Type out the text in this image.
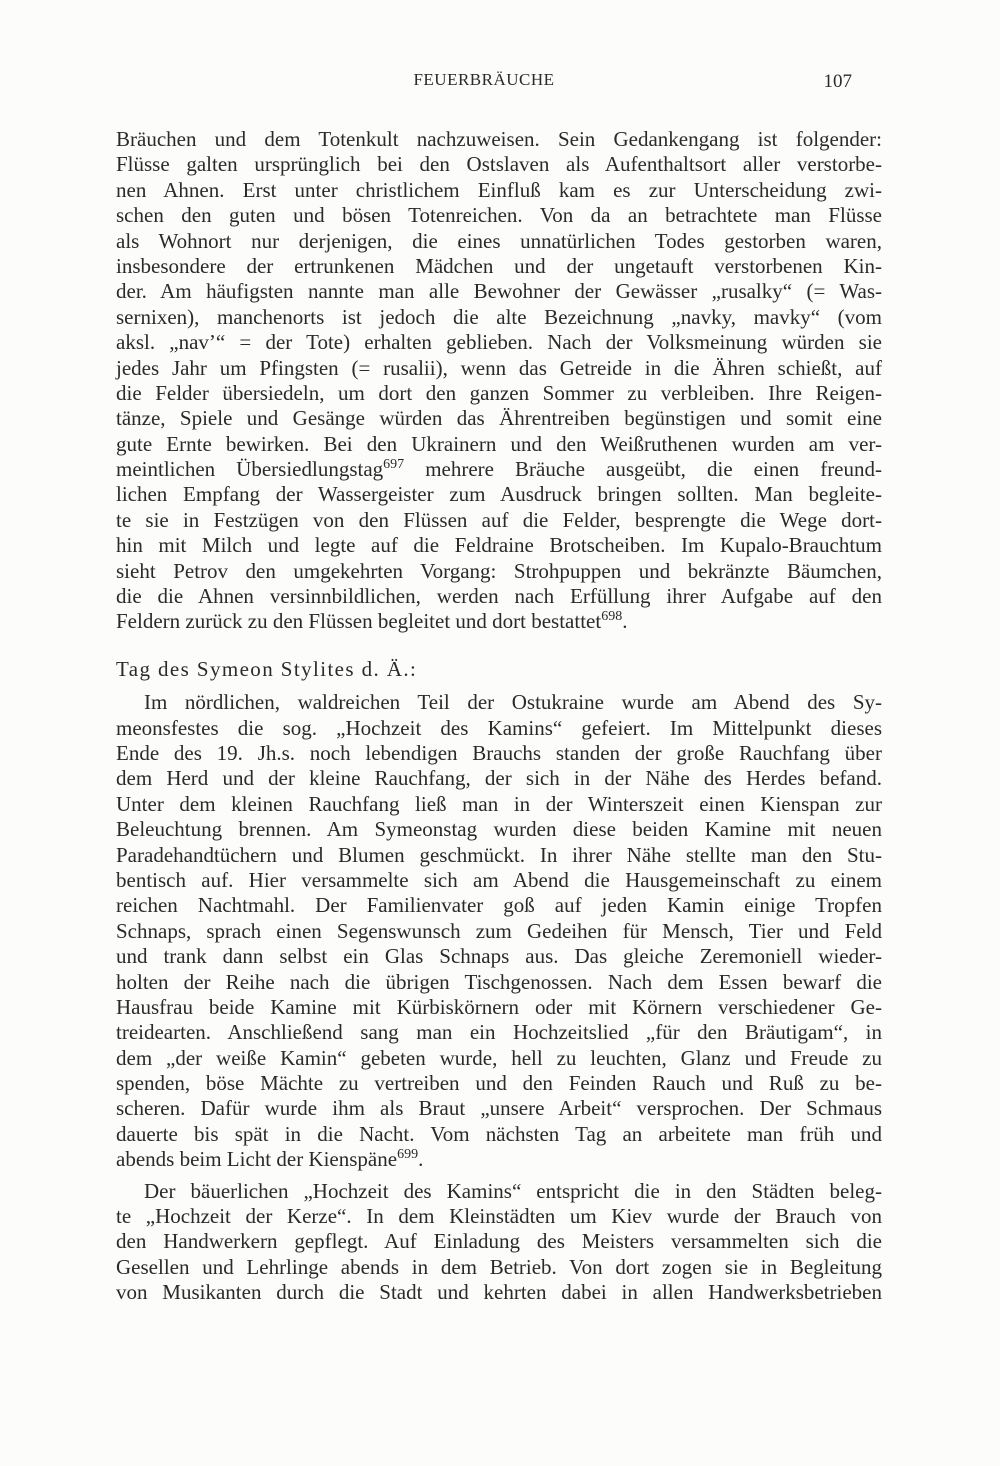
FEUERBRÄUCHE	107
Bräuchen und dem Totenkult nachzuweisen. Sein Gedankengang ist folgender:
Flüsse galten ursprünglich bei den Ostslaven als Aufenthaltsort aller verstorbe-
nen Ahnen. Erst unter christlichem Einfluß kam es zur Unterscheidung zwi-
schen den guten und bösen Totenreichen. Von da an betrachtete man Flüsse
als Wohnort nur derjenigen, die eines unnatürlichen Todes gestorben waren,
insbesondere der ertrunkenen Mädchen und der ungetauft verstorbenen Kin-
der. Am häufigsten nannte man alle Bewohner der Gewässer „rusalky“ (= Was-
sernixen), manchenorts ist jedoch die alte Bezeichnung „navky, mavky“ (vom
aksl. „nav’“ = der Tote) erhalten geblieben. Nach der Volksmeinung würden sie
jedes Jahr um Pfingsten (= rusalii), wenn das Getreide in die Ähren schießt, auf
die Felder übersiedeln, um dort den ganzen Sommer zu verbleiben. Ihre Reigen-
tänze, Spiele und Gesänge würden das Ährentreiben begünstigen und somit eine
gute Ernte bewirken. Bei den Ukrainern und den Weißruthenen wurden am ver-
meintlichen Übersiedlungstag$^{697}$ mehrere Bräuche ausgeübt, die einen freund-
lichen Empfang der Wassergeister zum Ausdruck bringen sollten. Man begleite-
te sie in Festzügen von den Flüssen auf die Felder, besprengte die Wege dort-
hin mit Milch und legte auf die Feldraine Brotscheiben. Im Kupalo-Brauchtum
sieht Petrov den umgekehrten Vorgang: Strohpuppen und bekränzte Bäumchen,
die die Ahnen versinnbildlichen, werden nach Erfüllung ihrer Aufgabe auf den
Feldern zurück zu den Flüssen begleitet und dort bestattet$^{698}$.
Tag des Symeon Stylites d. Ä.:
Im nördlichen, waldreichen Teil der Ostukraine wurde am Abend des Sy-
meonsfestes die sog. „Hochzeit des Kamins“ gefeiert. Im Mittelpunkt dieses
Ende des 19. Jh.s. noch lebendigen Brauchs standen der große Rauchfang über
dem Herd und der kleine Rauchfang, der sich in der Nähe des Herdes befand.
Unter dem kleinen Rauchfang ließ man in der Winterszeit einen Kienspan zur
Beleuchtung brennen. Am Symeonstag wurden diese beiden Kamine mit neuen
Paradehandtüchern und Blumen geschmückt. In ihrer Nähe stellte man den Stu-
bentisch auf. Hier versammelte sich am Abend die Hausgemeinschaft zu einem
reichen Nachtmahl. Der Familienvater goß auf jeden Kamin einige Tropfen
Schnaps, sprach einen Segenswunsch zum Gedeihen für Mensch, Tier und Feld
und trank dann selbst ein Glas Schnaps aus. Das gleiche Zeremoniell wieder-
holten der Reihe nach die übrigen Tischgenossen. Nach dem Essen bewarf die
Hausfrau beide Kamine mit Kürbiskörnern oder mit Körnern verschiedener Ge-
treidearten. Anschließend sang man ein Hochzeitslied „für den Bräutigam“, in
dem „der weiße Kamin“ gebeten wurde, hell zu leuchten, Glanz und Freude zu
spenden, böse Mächte zu vertreiben und den Feinden Rauch und Ruß zu be-
scheren. Dafür wurde ihm als Braut „unsere Arbeit“ versprochen. Der Schmaus
dauerte bis spät in die Nacht. Vom nächsten Tag an arbeitete man früh und
abends beim Licht der Kienspäne$^{699}$.
Der bäuerlichen „Hochzeit des Kamins“ entspricht die in den Städten beleg-
te „Hochzeit der Kerze“. In dem Kleinstädten um Kiev wurde der Brauch von
den Handwerkern gepflegt. Auf Einladung des Meisters versammelten sich die
Gesellen und Lehrlinge abends in dem Betrieb. Von dort zogen sie in Begleitung
von Musikanten durch die Stadt und kehrten dabei in allen Handwerksbetrieben
